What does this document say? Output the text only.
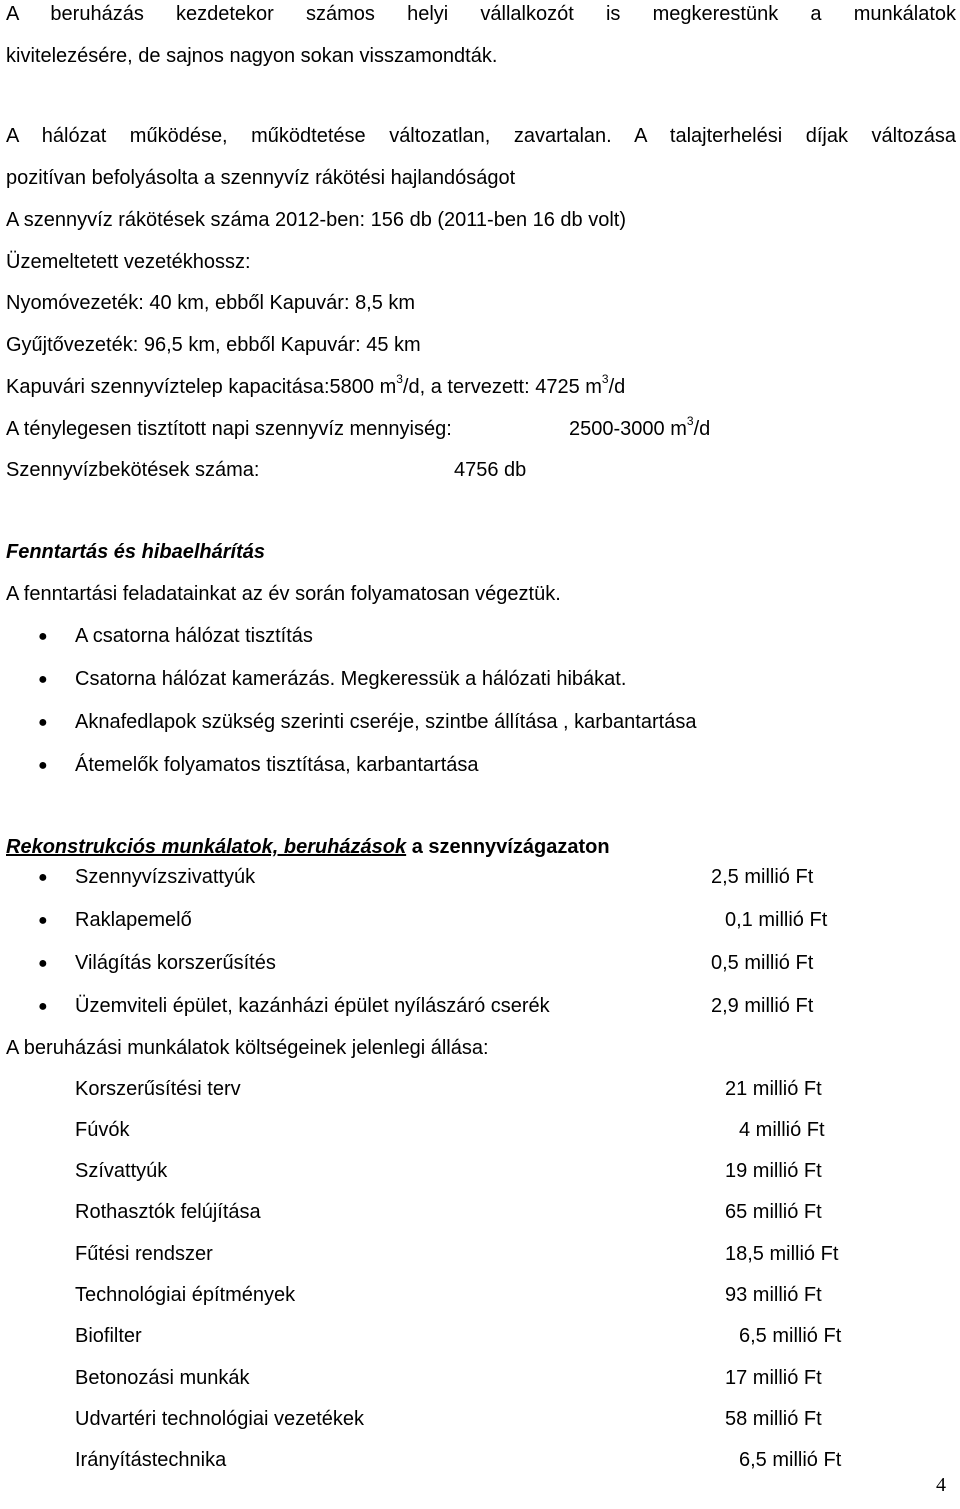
A beruházás kezdetekor számos helyi vállalkozót is megkerestünk a munkálatok
kivitelezésére, de sajnos nagyon sokan visszamondták.
A hálózat működése, működtetése változatlan, zavartalan. A talajterhelési díjak változása
pozitívan befolyásolta a szennyvíz rákötési hajlandóságot
A szennyvíz rákötések száma 2012-ben: 156 db (2011-ben 16 db volt)
Üzemeltetett vezetékhossz:
Nyomóvezeték: 40 km, ebből Kapuvár: 8,5 km
Gyűjtővezeték: 96,5 km, ebből Kapuvár: 45 km
Kapuvári szennyvíztelep kapacitása:5800 $m^3/d$, a tervezett: 4725 $m^3/d$
A ténylegesen tisztított napi szennyvíz mennyiség:	2500-3000 $m^3/d$
Szennyvízbekötések száma:	4756 db
Fenntartás és hibaelhárítás
A fenntartási feladatainkat az év során folyamatosan végeztük.
● A csatorna hálózat tisztítás
● Csatorna hálózat kamerázás. Megkeressük a hálózati hibákat.
● Aknafedlapok szükség szerinti cseréje, szintbe állítása , karbantartása
● Átemelők folyamatos tisztítása, karbantartása
Rekonstrukciós munkálatok, beruházások a szennyvízágazaton
● Szennyvízszivattyúk	2,5 millió Ft
● Raklapemelő	0,1 millió Ft
● Világítás korszerűsítés	0,5 millió Ft
● Üzemviteli épület, kazánházi épület nyílászáró cserék	2,9 millió Ft
A beruházási munkálatok költségeinek jelenlegi állása:
Korszerűsítési terv	21 millió Ft
Fúvók	4 millió Ft
Szívattyúk	19 millió Ft
Rothasztók felújítása	65 millió Ft
Fűtési rendszer	18,5 millió Ft
Technológiai építmények	93 millió Ft
Biofilter	6,5 millió Ft
Betonozási munkák	17 millió Ft
Udvartéri technológiai vezetékek	58 millió Ft
Irányítástechnika	6,5 millió Ft
4
